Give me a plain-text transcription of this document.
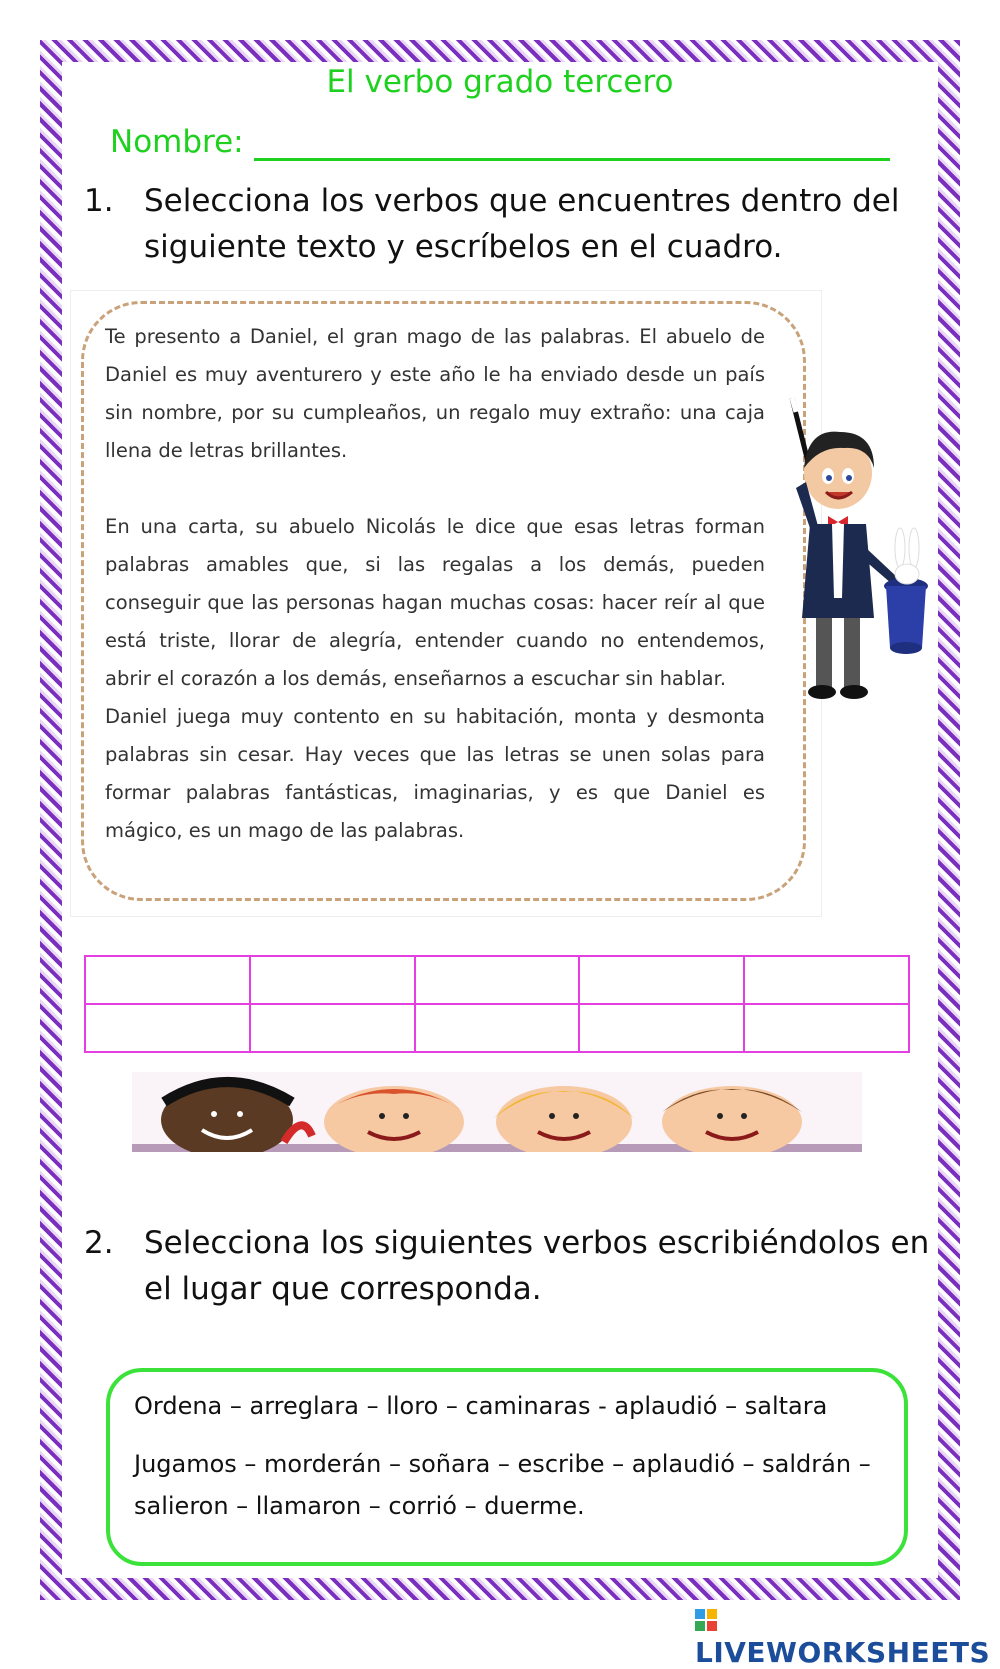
El verbo grado tercero
Nombre:
1. Selecciona los verbos que encuentres dentro del
siguiente texto y escríbelos en el cuadro.

Te presento a Daniel, el gran mago de las palabras. El abuelo de Daniel es muy aventurero y este año le ha enviado desde un país sin nombre, por su cumpleaños, un regalo muy extraño: una caja llena de letras brillantes.

En una carta, su abuelo Nicolás le dice que esas letras forman palabras amables que, si las regalas a los demás, pueden conseguir que las personas hagan muchas cosas: hacer reír al que está triste, llorar de alegría, entender cuando no entendemos, abrir el corazón a los demás, enseñarnos a escuchar sin hablar.

Daniel juega muy contento en su habitación, monta y desmonta palabras sin cesar. Hay veces que las letras se unen solas para formar palabras fantásticas, imaginarias, y es que Daniel es mágico, es un mago de las palabras.

2. Selecciona los siguientes verbos escribiéndolos en
el lugar que corresponda.
Ordena – arreglara – lloro – caminaras - aplaudió – saltara
Jugamos – morderán – soñara – escribe – aplaudió – saldrán –
salieron – llamaron – corrió – duerme.
LIVEWORKSHEETS
